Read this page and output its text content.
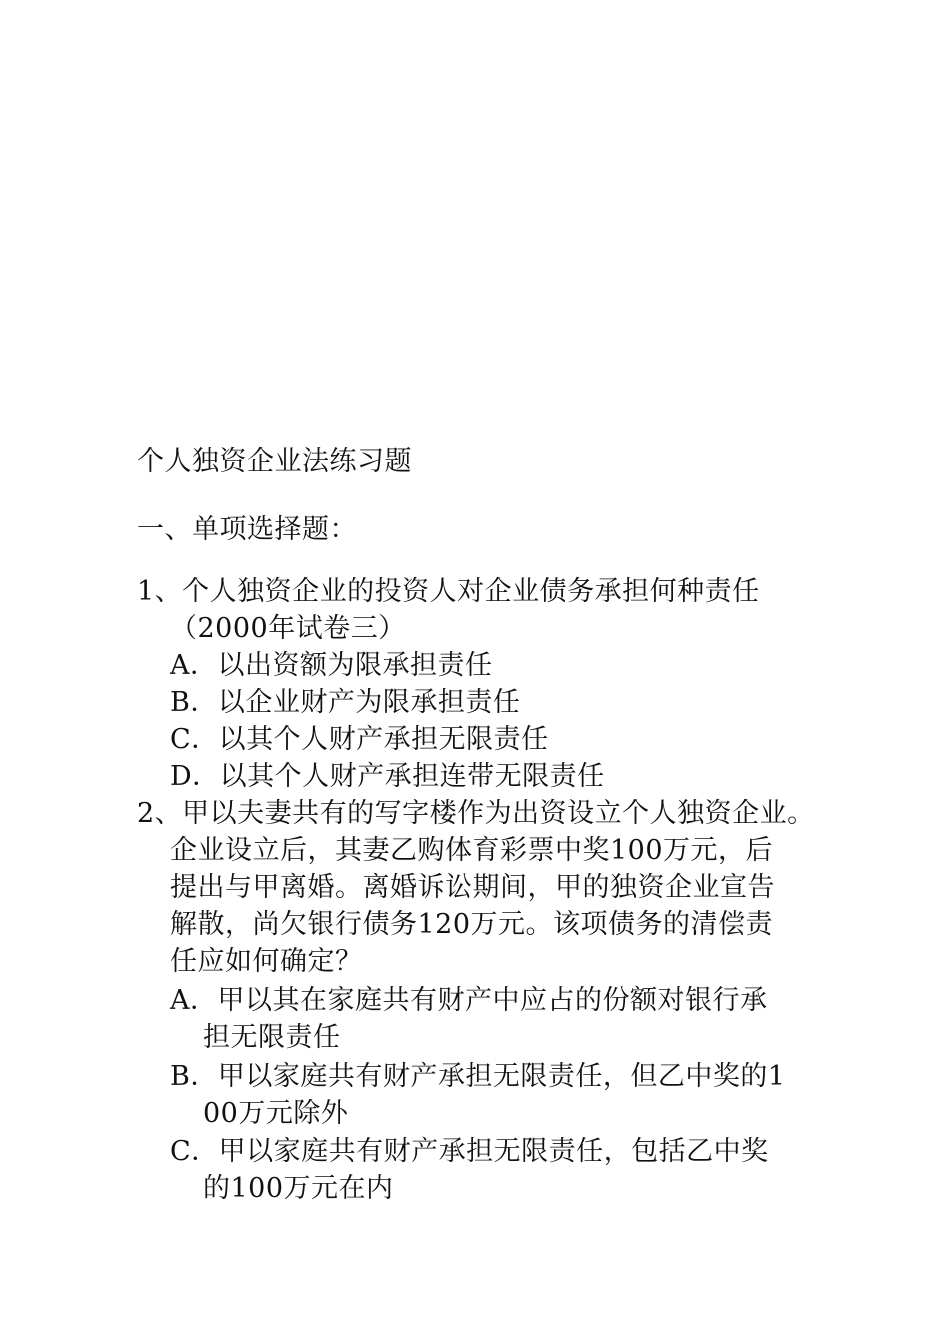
个人独资企业法练习题
一、单项选择题：
1、个人独资企业的投资人对企业债务承担何种责任
（2000年试卷三）
A．以出资额为限承担责任
B．以企业财产为限承担责任
C．以其个人财产承担无限责任
D．以其个人财产承担连带无限责任
2、甲以夫妻共有的写字楼作为出资设立个人独资企业。
企业设立后，其妻乙购体育彩票中奖100万元，后
提出与甲离婚。离婚诉讼期间，甲的独资企业宣告
解散，尚欠银行债务120万元。该项债务的清偿责
任应如何确定？
A．甲以其在家庭共有财产中应占的份额对银行承
担无限责任
B．甲以家庭共有财产承担无限责任，但乙中奖的1
00万元除外
C．甲以家庭共有财产承担无限责任，包括乙中奖
的100万元在内
